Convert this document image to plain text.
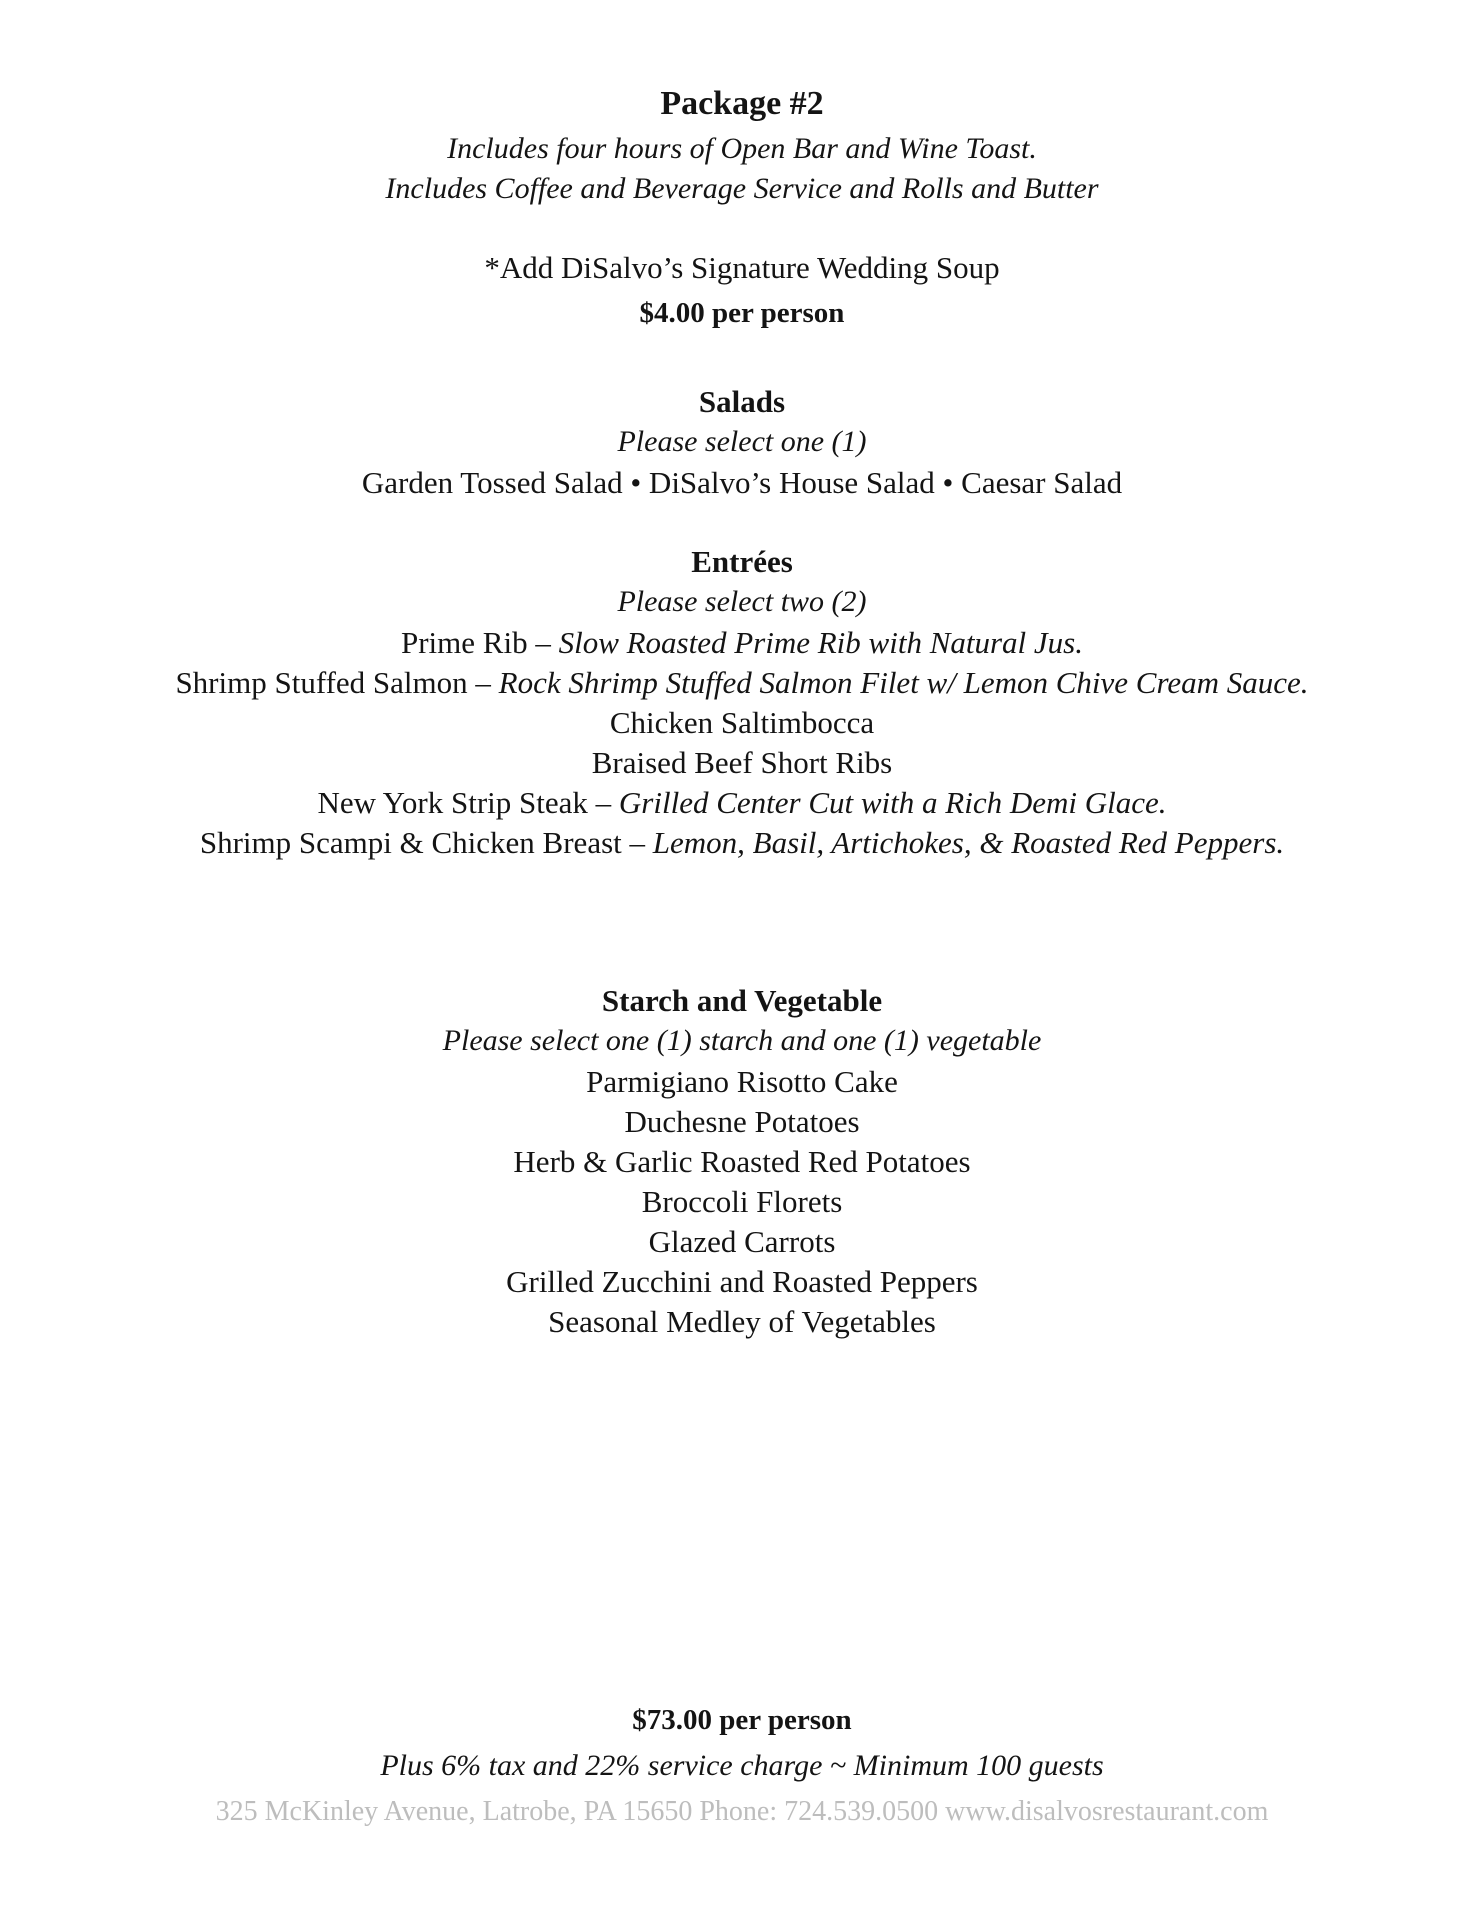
Package #2
Includes four hours of Open Bar and Wine Toast.
Includes Coffee and Beverage Service and Rolls and Butter
*Add DiSalvo’s Signature Wedding Soup
$4.00 per person
Salads
Please select one (1)
Garden Tossed Salad • DiSalvo’s House Salad • Caesar Salad
Entrées
Please select two (2)
Prime Rib – Slow Roasted Prime Rib with Natural Jus.
Shrimp Stuffed Salmon – Rock Shrimp Stuffed Salmon Filet w/ Lemon Chive Cream Sauce.
Chicken Saltimbocca
Braised Beef Short Ribs
New York Strip Steak – Grilled Center Cut with a Rich Demi Glace.
Shrimp Scampi & Chicken Breast – Lemon, Basil, Artichokes, & Roasted Red Peppers.
Starch and Vegetable
Please select one (1) starch and one (1) vegetable
Parmigiano Risotto Cake
Duchesne Potatoes
Herb & Garlic Roasted Red Potatoes
Broccoli Florets
Glazed Carrots
Grilled Zucchini and Roasted Peppers
Seasonal Medley of Vegetables
$73.00 per person
Plus 6% tax and 22% service charge ~ Minimum 100 guests
325 McKinley Avenue, Latrobe, PA 15650 Phone: 724.539.0500 www.disalvosrestaurant.com
